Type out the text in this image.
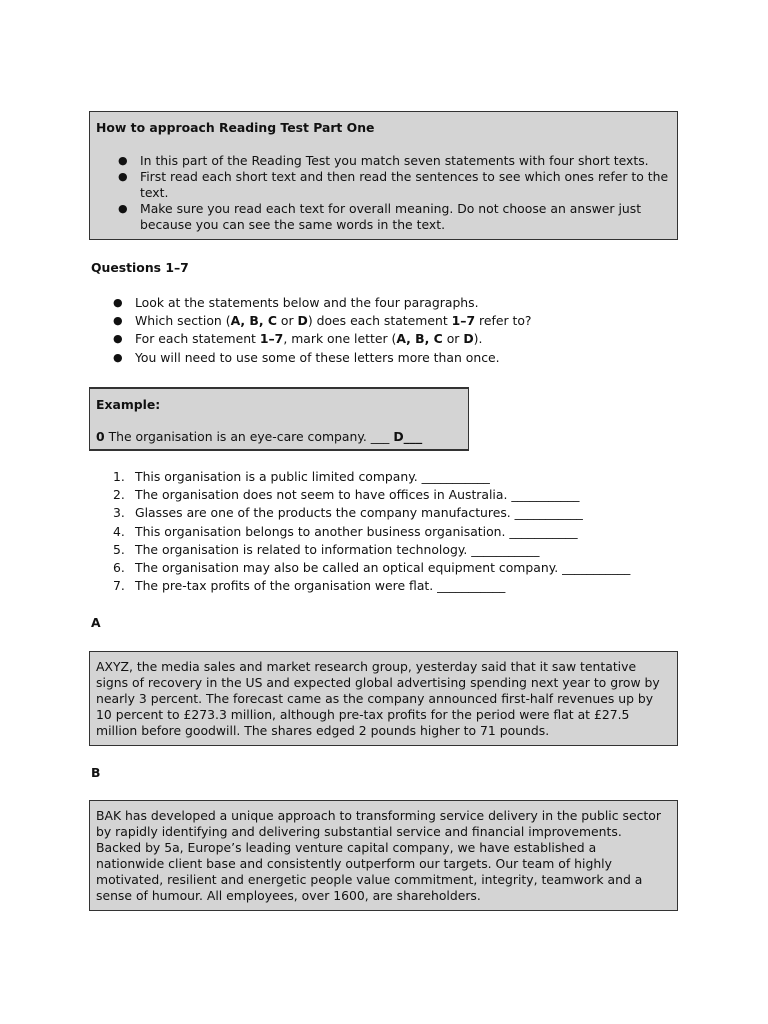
How to approach Reading Test Part One
● In this part of the Reading Test you match seven statements with four short texts.
● First read each short text and then read the sentences to see which ones refer to the text.
● Make sure you read each text for overall meaning. Do not choose an answer just because you can see the same words in the text.
Questions 1–7
● Look at the statements below and the four paragraphs.
● Which section (A, B, C or D) does each statement 1–7 refer to?
● For each statement 1–7, mark one letter (A, B, C or D).
● You will need to use some of these letters more than once.
Example:
0 The organisation is an eye-care company. ___ D___
1. This organisation is a public limited company. ___________
2. The organisation does not seem to have offices in Australia. ___________
3. Glasses are one of the products the company manufactures. ___________
4. This organisation belongs to another business organisation. ___________
5. The organisation is related to information technology. ___________
6. The organisation may also be called an optical equipment company. ___________
7. The pre-tax profits of the organisation were flat. ___________
A
AXYZ, the media sales and market research group, yesterday said that it saw tentative
signs of recovery in the US and expected global advertising spending next year to grow by
nearly 3 percent. The forecast came as the company announced first-half revenues up by
10 percent to £273.3 million, although pre-tax profits for the period were flat at £27.5
million before goodwill. The shares edged 2 pounds higher to 71 pounds.
B
BAK has developed a unique approach to transforming service delivery in the public sector
by rapidly identifying and delivering substantial service and financial improvements.
Backed by 5a, Europe’s leading venture capital company, we have established a
nationwide client base and consistently outperform our targets. Our team of highly
motivated, resilient and energetic people value commitment, integrity, teamwork and a
sense of humour. All employees, over 1600, are shareholders.
